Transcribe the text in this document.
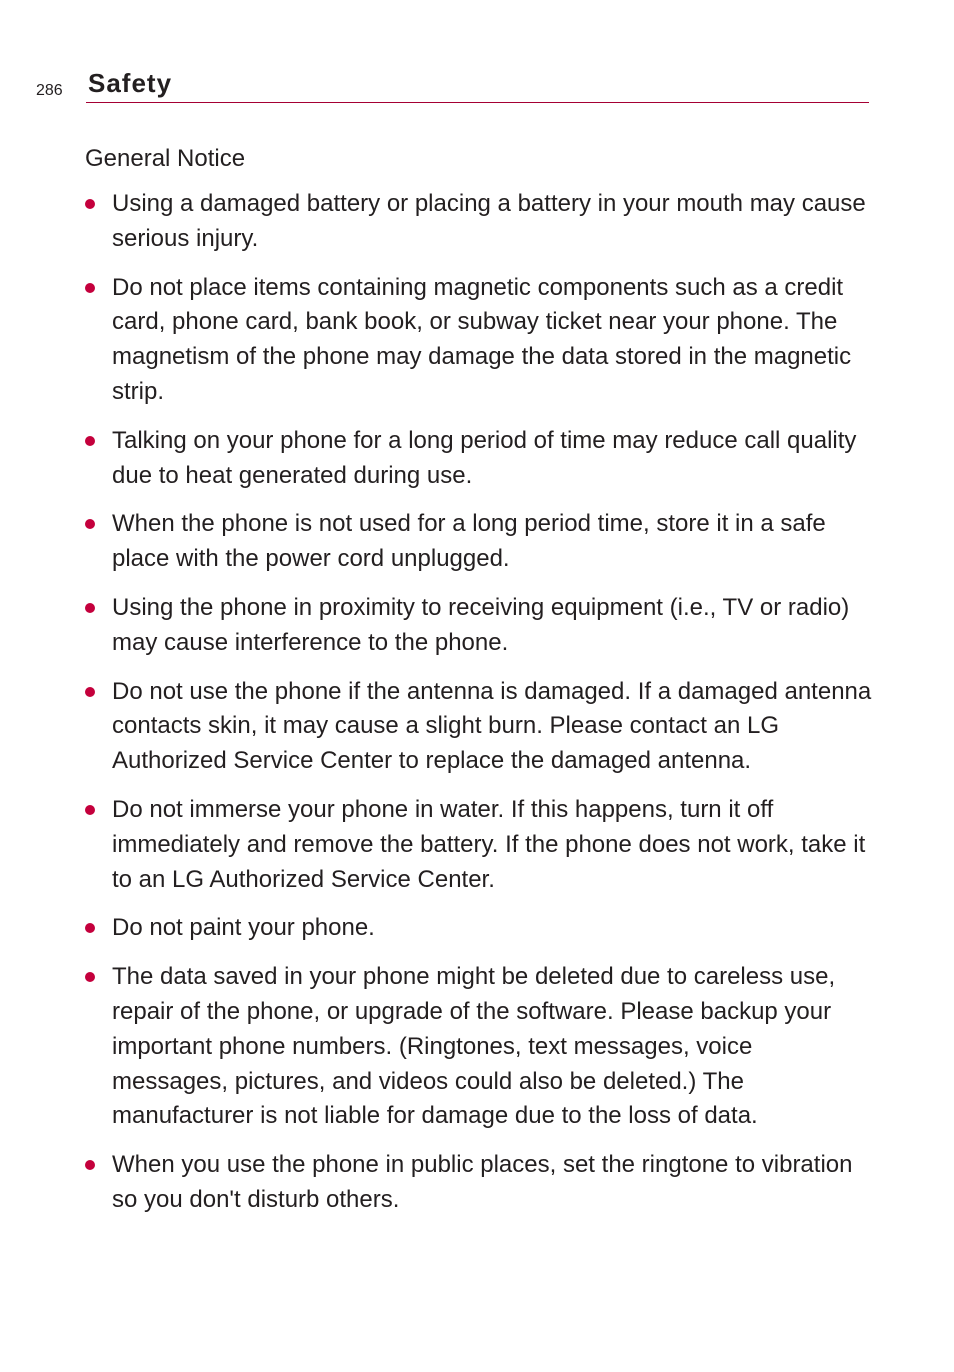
286 Safety
General Notice
Using a damaged battery or placing a battery in your mouth may cause serious injury.
Do not place items containing magnetic components such as a credit card, phone card, bank book, or subway ticket near your phone. The magnetism of the phone may damage the data stored in the magnetic strip.
Talking on your phone for a long period of time may reduce call quality due to heat generated during use.
When the phone is not used for a long period time, store it in a safe place with the power cord unplugged.
Using the phone in proximity to receiving equipment (i.e., TV or radio) may cause interference to the phone.
Do not use the phone if the antenna is damaged. If a damaged antenna contacts skin, it may cause a slight burn. Please contact an LG Authorized Service Center to replace the damaged antenna.
Do not immerse your phone in water. If this happens, turn it off immediately and remove the battery. If the phone does not work, take it to an LG Authorized Service Center.
Do not paint your phone.
The data saved in your phone might be deleted due to careless use, repair of the phone, or upgrade of the software. Please backup your important phone numbers. (Ringtones, text messages, voice messages, pictures, and videos could also be deleted.) The manufacturer is not liable for damage due to the loss of data.
When you use the phone in public places, set the ringtone to vibration so you don't disturb others.
